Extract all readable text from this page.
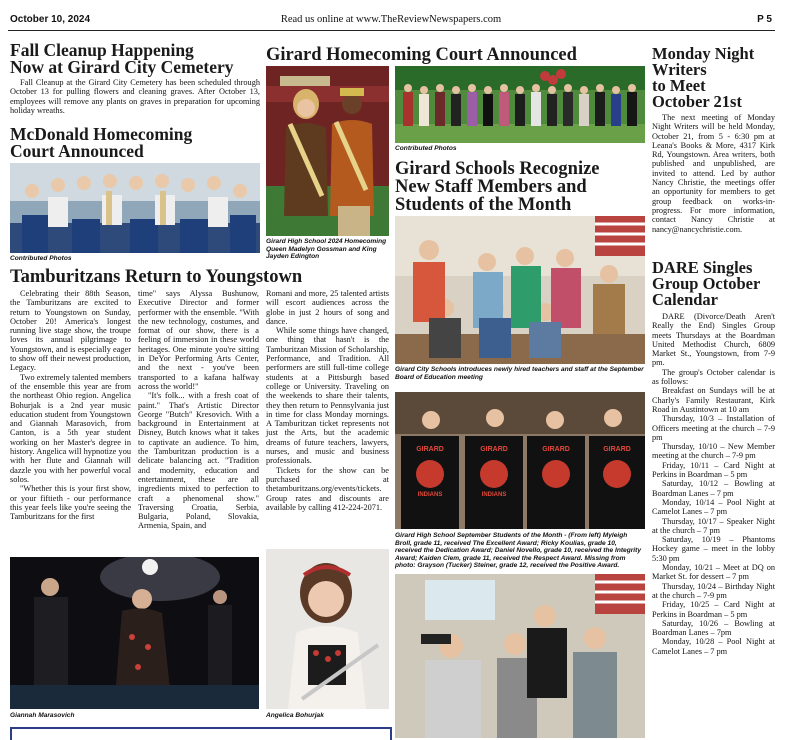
October 10, 2024	Read us online at www.TheReviewNewspapers.com	P 5
Fall Cleanup Happening
Now at Girard City Cemetery

Fall Cleanup at the Girard City Cemetery has been scheduled through October 13 for pulling flowers and cleaning graves. After October 13, employees will remove any plants on graves in preparation for upcoming holiday wreaths.

McDonald Homecoming
Court Announced
Contributed Photos
Girard Homecoming Court Announced
Girard High School 2024 Homecoming Queen Madelyn Gossman and King Jayden Edington
Contributed Photos
Girard Schools Recognize
New Staff Members and
Students of the Month
Girard City Schools introduces newly hired teachers and staff at the September Board of Education meeting
GIRARD	GIRARD	GIRARD	GIRARD
INDIANS	INDIANS
Girard High School September Students of the Month - (From left) Myleigh Broll, grade 11, received The Excellent Award; Ricky Koulias, grade 10, received the Dedication Award; Daniel Novello, grade 10, received the Integrity Award; Kaiden Clem, grade 11, received the Respect Award. Missing from photo: Grayson (Tucker) Steiner, grade 12, received the Positive Award.
Tamburitzans Return to Youngstown

Celebrating their 88th Season, the Tamburitzans are excited to return to Youngstown on Sunday, October 20! America's longest running live stage show, the troupe loves its annual pilgrimage to Youngstown, and is especially eager to show off their newest production, Legacy.

Two extremely talented members of the ensemble this year are from the northeast Ohio region. Angelica Bohurjak is a 2nd year music education student from Youngstown and Giannah Marasovich, from Canton, is a 5th year student working on her Master's degree in history. Angelica will hypnotize you with her flute and Giannah will dazzle you with her powerful vocal solos.

"Whether this is your first show, or your fiftieth - our performance this year feels like you're seeing the Tamburitzans for the first

time" says Alyssa Bushunow, Executive Director and former performer with the ensemble. "With the new technology, costumes, and format of our show, there is a feeling of immersion in these world heritages. One minute you're sitting in DeYor Performing Arts Center, and the next - you've been transported to a kafana halfway across the world!"

"It's folk... with a fresh coat of paint." That's Artistic Director George "Butch" Kresovich. With a background in Entertainment at Disney, Butch knows what it takes to captivate an audience. To him, the Tamburitzan production is a delicate balancing act. "Tradition and modernity, education and entertainment, these are all ingredients mixed to perfection to craft a phenomenal show." Traversing Croatia, Serbia, Bulgaria, Poland, Slovakia, Armenia, Spain, and

Romani and more, 25 talented artists will escort audiences across the globe in just 2 hours of song and dance.

While some things have changed, one thing that hasn't is the Tamburitzan Mission of Scholarship, Performance, and Tradition. All performers are still full-time college students at a Pittsburgh based college or University. Traveling on the weekends to share their talents, they then return to Pennsylvania just in time for class Monday mornings. A Tamburitzan ticket represents not just the Arts, but the academic dreams of future teachers, lawyers, nurses, and music and business professionals.

Tickets for the show can be purchased at thetamburitzans.org/events/tickets. Group rates and discounts are available by calling 412-224-2071.

Giannah Marasovich	Angelica Bohurjak
Monday Night
Writers
to Meet
October 21st

The next meeting of Monday Night Writers will be held Monday, October 21, from 5 - 6:30 pm at Leana's Books & More, 4317 Kirk Rd, Youngstown. Area writers, both published and unpublished, are invited to attend. Led by author Nancy Christie, the meetings offer an opportunity for members to get group feedback on works-in-progress. For more information, contact Nancy Christie at nancy@nancychristie.com.

DARE Singles
Group October
Calendar

DARE (Divorce/Death Aren't Really the End) Singles Group meets Thursdays at the Boardman United Methodist Church, 6809 Market St., Youngstown, from 7-9 pm.

The group's October calendar is as follows:

Breakfast on Sundays will be at Charly's Family Restaurant, Kirk Road in Austintown at 10 am

Thursday, 10/3 – Installation of Officers meeting at the church – 7-9 pm

Thursday, 10/10 – New Member meeting at the church – 7-9 pm

Friday, 10/11 – Card Night at Perkins in Boardman – 5 pm

Saturday, 10/12 – Bowling at Boardman Lanes – 7 pm

Monday, 10/14 – Pool Night at Camelot Lanes – 7 pm

Thursday, 10/17 – Speaker Night at the church – 7 pm

Saturday, 10/19 – Phantoms Hockey game – meet in the lobby 5:30 pm

Monday, 10/21 – Meet at DQ on Market St. for dessert – 7 pm

Thursday, 10/24 – Birthday Night at the church – 7-9 pm

Friday, 10/25 – Card Night at Perkins in Boardman – 5 pm

Saturday, 10/26 – Bowling at Boardman Lanes – 7pm

Monday, 10/28 – Pool Night at Camelot Lanes – 7 pm
